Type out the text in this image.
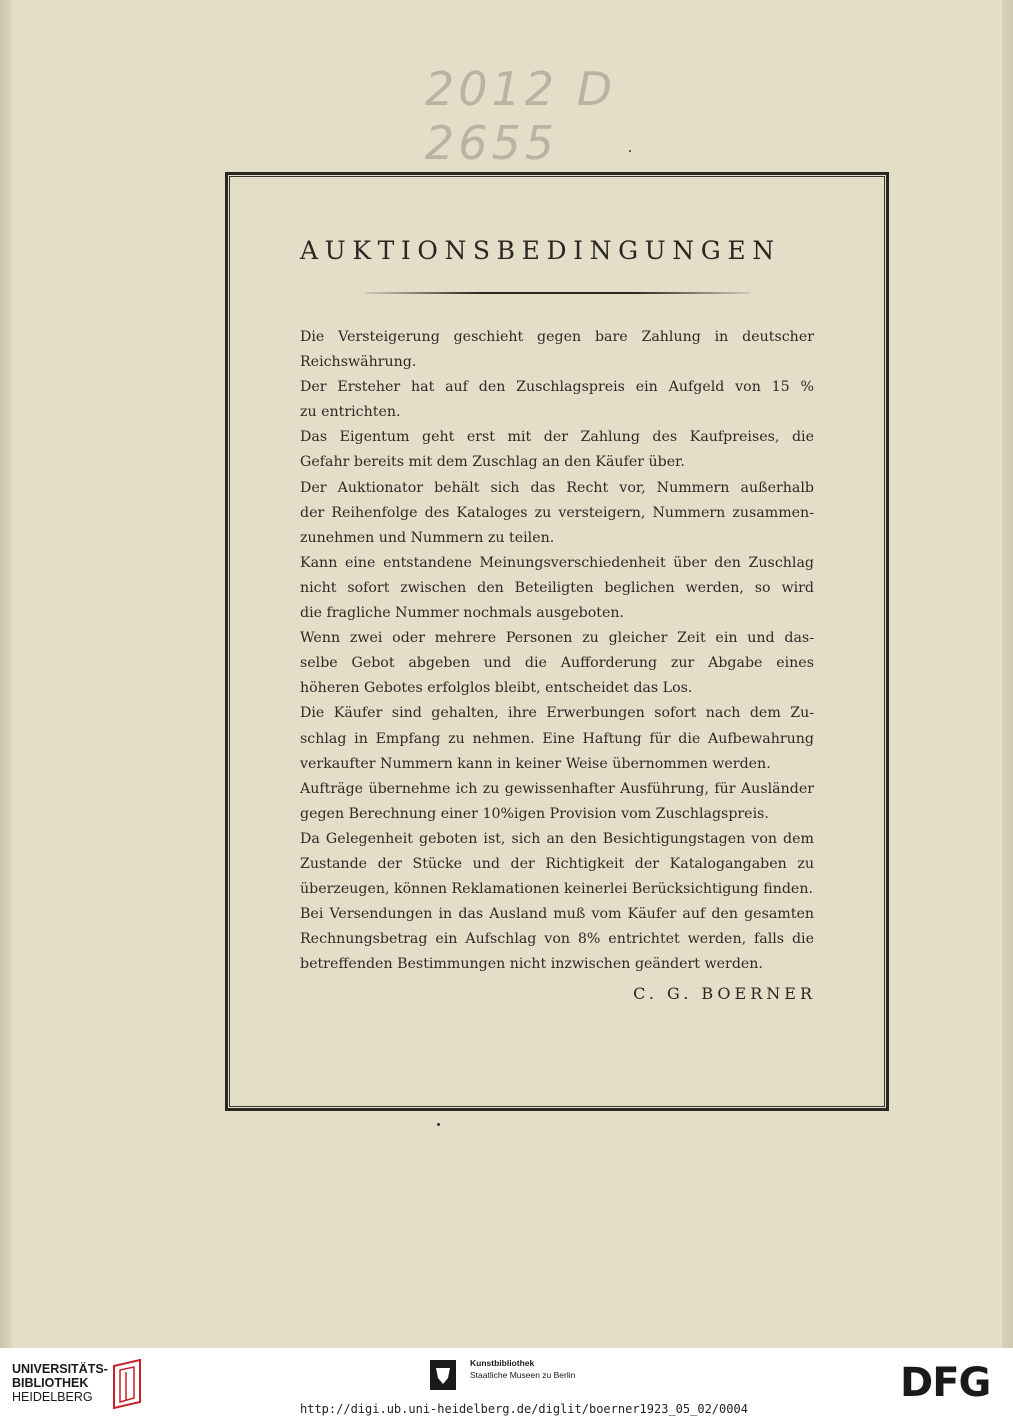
2012 D 2655
AUKTIONSBEDINGUNGEN
Die Versteigerung geschieht gegen bare Zahlung in deutscher
Reichswährung.
Der Ersteher hat auf den Zuschlagspreis ein Aufgeld von 15 %
zu entrichten.
Das Eigentum geht erst mit der Zahlung des Kaufpreises, die
Gefahr bereits mit dem Zuschlag an den Käufer über.
Der Auktionator behält sich das Recht vor, Nummern außerhalb
der Reihenfolge des Kataloges zu versteigern, Nummern zusammen-
zunehmen und Nummern zu teilen.
Kann eine entstandene Meinungsverschiedenheit über den Zuschlag
nicht sofort zwischen den Beteiligten beglichen werden, so wird
die fragliche Nummer nochmals ausgeboten.
Wenn zwei oder mehrere Personen zu gleicher Zeit ein und das-
selbe Gebot abgeben und die Aufforderung zur Abgabe eines
höheren Gebotes erfolglos bleibt, entscheidet das Los.
Die Käufer sind gehalten, ihre Erwerbungen sofort nach dem Zu-
schlag in Empfang zu nehmen. Eine Haftung für die Aufbewahrung
verkaufter Nummern kann in keiner Weise übernommen werden.
Aufträge übernehme ich zu gewissenhafter Ausführung, für Ausländer
gegen Berechnung einer 10%igen Provision vom Zuschlagspreis.
Da Gelegenheit geboten ist, sich an den Besichtigungstagen von dem
Zustande der Stücke und der Richtigkeit der Katalogangaben zu
überzeugen, können Reklamationen keinerlei Berücksichtigung finden.
Bei Versendungen in das Ausland muß vom Käufer auf den gesamten
Rechnungsbetrag ein Aufschlag von 8% entrichtet werden, falls die
betreffenden Bestimmungen nicht inzwischen geändert werden.
C. G. BOERNER
UNIVERSITÄTS-
BIBLIOTHEK
HEIDELBERG
Kunstbibliothek
Staatliche Museen zu Berlin	DFG
http://digi.ub.uni-heidelberg.de/diglit/boerner1923_05_02/0004
